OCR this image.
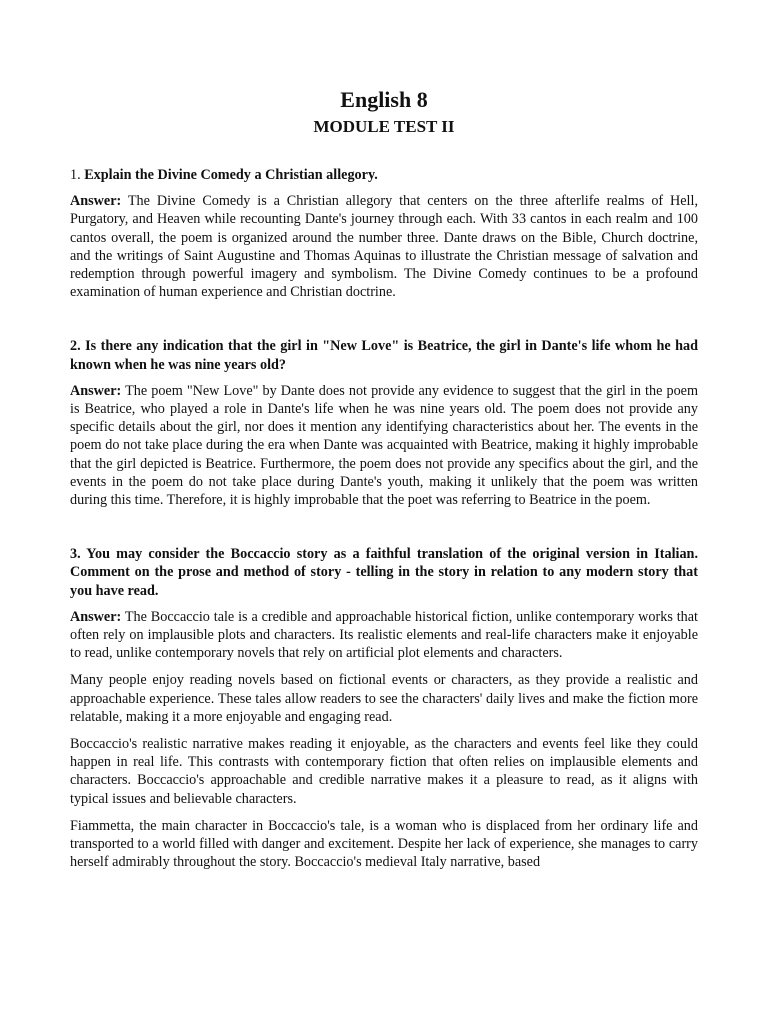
English 8
MODULE TEST II

1. Explain the Divine Comedy a Christian allegory.

Answer: The Divine Comedy is a Christian allegory that centers on the three afterlife realms of Hell, Purgatory, and Heaven while recounting Dante's journey through each. With 33 cantos in each realm and 100 cantos overall, the poem is organized around the number three. Dante draws on the Bible, Church doctrine, and the writings of Saint Augustine and Thomas Aquinas to illustrate the Christian message of salvation and redemption through powerful imagery and symbolism. The Divine Comedy continues to be a profound examination of human experience and Christian doctrine.

2. Is there any indication that the girl in "New Love" is Beatrice, the girl in Dante's life whom he had known when he was nine years old?

Answer: The poem "New Love" by Dante does not provide any evidence to suggest that the girl in the poem is Beatrice, who played a role in Dante's life when he was nine years old. The poem does not provide any specific details about the girl, nor does it mention any identifying characteristics about her. The events in the poem do not take place during the era when Dante was acquainted with Beatrice, making it highly improbable that the girl depicted is Beatrice. Furthermore, the poem does not provide any specifics about the girl, and the events in the poem do not take place during Dante's youth, making it unlikely that the poem was written during this time. Therefore, it is highly improbable that the poet was referring to Beatrice in the poem.

3. You may consider the Boccaccio story as a faithful translation of the original version in Italian. Comment on the prose and method of story - telling in the story in relation to any modern story that you have read.

Answer: The Boccaccio tale is a credible and approachable historical fiction, unlike contemporary works that often rely on implausible plots and characters. Its realistic elements and real-life characters make it enjoyable to read, unlike contemporary novels that rely on artificial plot elements and characters.

Many people enjoy reading novels based on fictional events or characters, as they provide a realistic and approachable experience. These tales allow readers to see the characters' daily lives and make the fiction more relatable, making it a more enjoyable and engaging read.

Boccaccio's realistic narrative makes reading it enjoyable, as the characters and events feel like they could happen in real life. This contrasts with contemporary fiction that often relies on implausible elements and characters. Boccaccio's approachable and credible narrative makes it a pleasure to read, as it aligns with typical issues and believable characters.

Fiammetta, the main character in Boccaccio's tale, is a woman who is displaced from her ordinary life and transported to a world filled with danger and excitement. Despite her lack of experience, she manages to carry herself admirably throughout the story. Boccaccio's medieval Italy narrative, based
